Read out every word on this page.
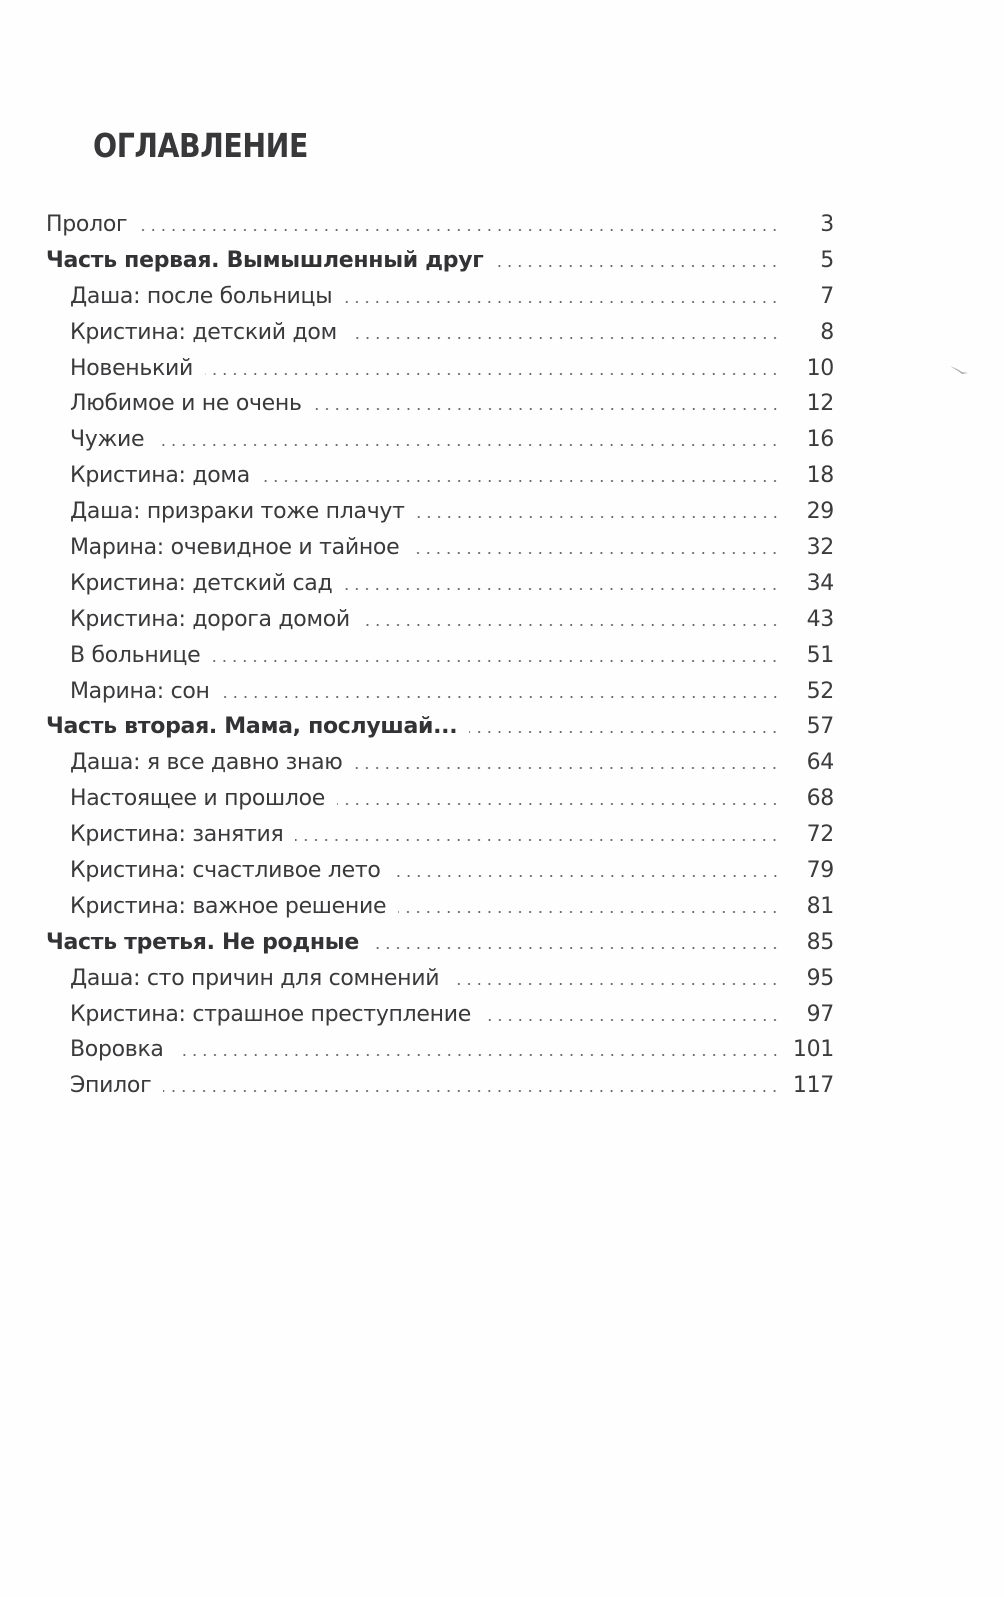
ОГЛАВЛЕНИЕ
Пролог	3
Часть первая. Вымышленный друг	5
Даша: после больницы	7
Кристина: детский дом	8
Новенький	10
Любимое и не очень	12
Чужие	16
Кристина: дома	18
Даша: призраки тоже плачут	29
Марина: очевидное и тайное	32
Кристина: детский сад	34
Кристина: дорога домой	43
В больнице	51
Марина: сон	52
Часть вторая. Мама, послушай...	57
Даша: я все давно знаю	64
Настоящее и прошлое	68
Кристина: занятия	72
Кристина: счастливое лето	79
Кристина: важное решение	81
Часть третья. Не родные	85
Даша: сто причин для сомнений	95
Кристина: страшное преступление	97
Воровка	101
Эпилог	117
